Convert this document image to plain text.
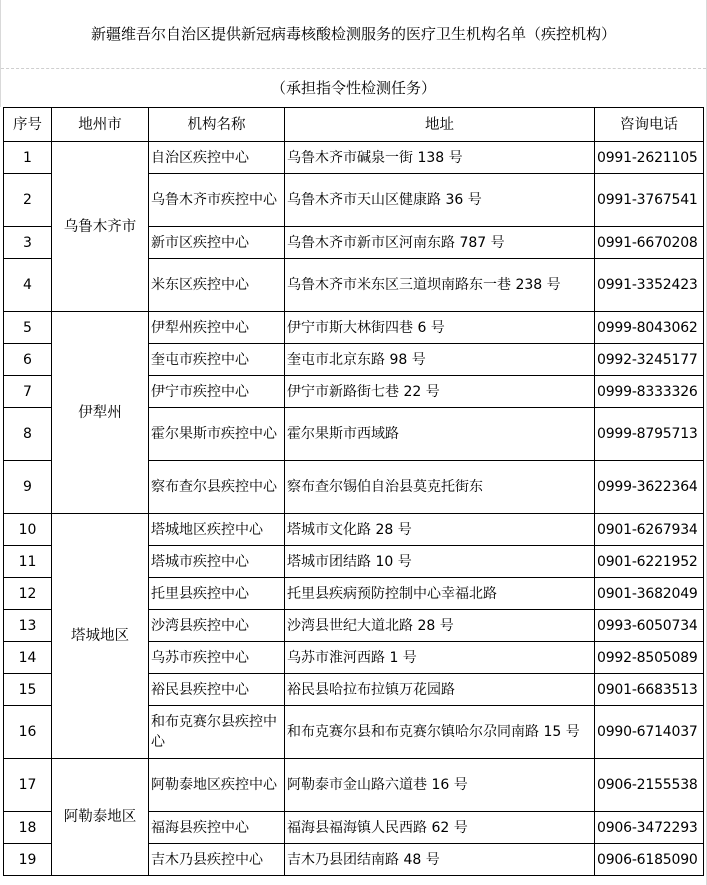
新疆维吾尔自治区提供新冠病毒核酸检测服务的医疗卫生机构名单（疾控机构）
（承担指令性检测任务）
序号	地州市	机构名称	地址	咨询电话
1	乌鲁木齐市	自治区疾控中心	乌鲁木齐市碱泉一街 138 号	0991-2621105
2		乌鲁木齐市疾控中心	乌鲁木齐市天山区健康路 36 号	0991-3767541
3		新市区疾控中心	乌鲁木齐市新市区河南东路 787 号	0991-6670208
4		米东区疾控中心	乌鲁木齐市米东区三道坝南路东一巷 238 号	0991-3352423
5	伊犁州	伊犁州疾控中心	伊宁市斯大林街四巷 6 号	0999-8043062
6		奎屯市疾控中心	奎屯市北京东路 98 号	0992-3245177
7		伊宁市疾控中心	伊宁市新路街七巷 22 号	0999-8333326
8		霍尔果斯市疾控中心	霍尔果斯市西域路	0999-8795713
9		察布查尔县疾控中心	察布查尔锡伯自治县莫克托街东	0999-3622364
10	塔城地区	塔城地区疾控中心	塔城市文化路 28 号	0901-6267934
11		塔城市疾控中心	塔城市团结路 10 号	0901-6221952
12		托里县疾控中心	托里县疾病预防控制中心幸福北路	0901-3682049
13		沙湾县疾控中心	沙湾县世纪大道北路 28 号	0993-6050734
14		乌苏市疾控中心	乌苏市淮河西路 1 号	0992-8505089
15		裕民县疾控中心	裕民县哈拉布拉镇万花园路	0901-6683513
16		和布克赛尔县疾控中心	和布克赛尔县和布克赛尔镇哈尔尕同南路 15 号	0990-6714037
17	阿勒泰地区	阿勒泰地区疾控中心	阿勒泰市金山路六道巷 16 号	0906-2155538
18		福海县疾控中心	福海县福海镇人民西路 62 号	0906-3472293
19		吉木乃县疾控中心	吉木乃县团结南路 48 号	0906-6185090
